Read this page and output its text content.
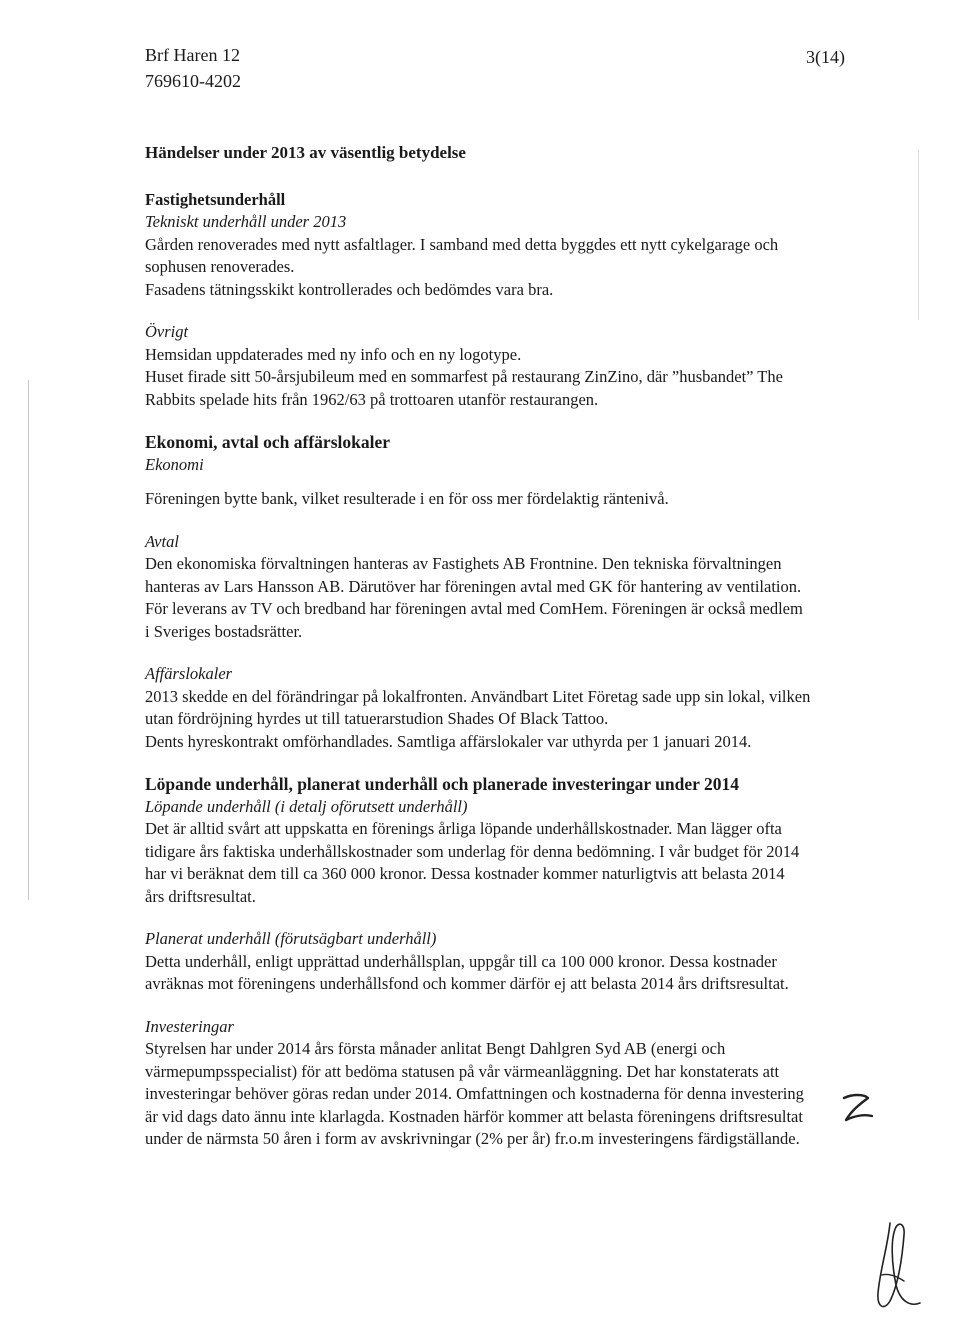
Brf Haren 12
769610-4202
3(14)

Händelser under 2013 av väsentlig betydelse

Fastighetsunderhåll

Tekniskt underhåll under 2013

Gården renoverades med nytt asfaltlager. I samband med detta byggdes ett nytt cykelgarage och

sophusen renoverades.

Fasadens tätningsskikt kontrollerades och bedömdes vara bra.

Övrigt

Hemsidan uppdaterades med ny info och en ny logotype.

Huset firade sitt 50-årsjubileum med en sommarfest på restaurang ZinZino, där ”husbandet” The

Rabbits spelade hits från 1962/63 på trottoaren utanför restaurangen.

Ekonomi, avtal och affärslokaler

Ekonomi

Föreningen bytte bank, vilket resulterade i en för oss mer fördelaktig räntenivå.

Avtal

Den ekonomiska förvaltningen hanteras av Fastighets AB Frontnine. Den tekniska förvaltningen

hanteras av Lars Hansson AB. Därutöver har föreningen avtal med GK för hantering av ventilation.

För leverans av TV och bredband har föreningen avtal med ComHem. Föreningen är också medlem

i Sveriges bostadsrätter.

Affärslokaler

2013 skedde en del förändringar på lokalfronten. Användbart Litet Företag sade upp sin lokal, vilken

utan fördröjning hyrdes ut till tatuerarstudion Shades Of Black Tattoo.

Dents hyreskontrakt omförhandlades. Samtliga affärslokaler var uthyrda per 1 januari 2014.

Löpande underhåll, planerat underhåll och planerade investeringar under 2014

Löpande underhåll (i detalj oförutsett underhåll)

Det är alltid svårt att uppskatta en förenings årliga löpande underhållskostnader. Man lägger ofta

tidigare års faktiska underhållskostnader som underlag för denna bedömning. I vår budget för 2014

har vi beräknat dem till ca 360 000 kronor. Dessa kostnader kommer naturligtvis att belasta 2014

års driftsresultat.

Planerat underhåll (förutsägbart underhåll)

Detta underhåll, enligt upprättad underhållsplan, uppgår till ca 100 000 kronor. Dessa kostnader

avräknas mot föreningens underhållsfond och kommer därför ej att belasta 2014 års driftsresultat.

Investeringar

Styrelsen har under 2014 års första månader anlitat Bengt Dahlgren Syd AB (energi och

värmepumpsspecialist) för att bedöma statusen på vår värmeanläggning. Det har konstaterats att

investeringar behöver göras redan under 2014. Omfattningen och kostnaderna för denna investering

är vid dags dato ännu inte klarlagda. Kostnaden härför kommer att belasta föreningens driftsresultat

under de närmsta 50 åren i form av avskrivningar (2% per år) fr.o.m investeringens färdigställande.
